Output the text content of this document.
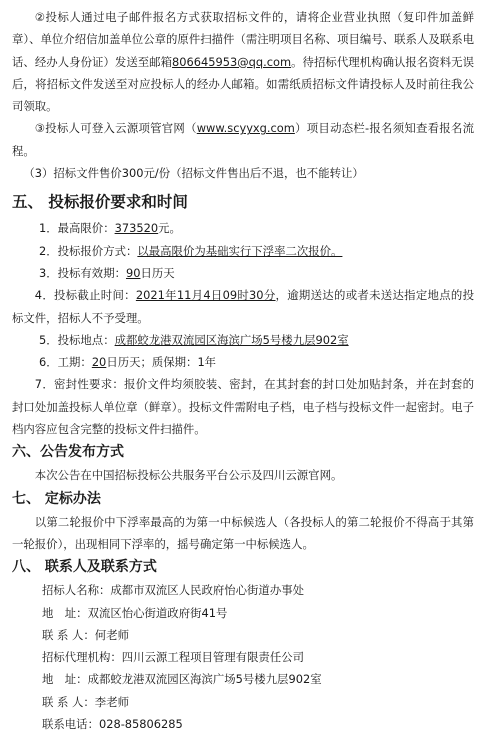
②投标人通过电子邮件报名方式获取招标文件的，请将企业营业执照（复印件加盖鲜章）、单位介绍信加盖单位公章的原件扫描件（需注明项目名称、项目编号、联系人及联系电话、经办人身份证）发送至邮箱806645953@qq.com。待招标代理机构确认报名资料无误后，将招标文件发送至对应投标人的经办人邮箱。如需纸质招标文件请投标人及时前往我公司领取。

③投标人可登入云源项管官网（www.scyyxg.com）项目动态栏-报名须知查看报名流程。

（3）招标文件售价300元/份（招标文件售出后不退，也不能转让）

五、 投标报价要求和时间

1．最高限价：373520元。

2．投标报价方式：以最高限价为基础实行下浮率二次报价。

3．投标有效期：90日历天

4．投标截止时间：2021年11月4日09时30分，逾期送达的或者未送达指定地点的投标文件，招标人不予受理。

5．投标地点：成都蛟龙港双流园区海滨广场5号楼九层902室

6．工期：20日历天；质保期：1年

7．密封性要求：报价文件均须胶装、密封，在其封套的封口处加贴封条，并在封套的封口处加盖投标人单位章（鲜章）。投标文件需附电子档，电子档与投标文件一起密封。电子档内容应包含完整的投标文件扫描件。

六、公告发布方式

本次公告在中国招标投标公共服务平台公示及四川云源官网。

七、 定标办法

以第二轮报价中下浮率最高的为第一中标候选人（各投标人的第二轮报价不得高于其第一轮报价），出现相同下浮率的，摇号确定第一中标候选人。

八、 联系人及联系方式

招标人名称：成都市双流区人民政府怡心街道办事处

地　址：双流区怡心街道政府街41号

联 系 人：何老师

招标代理机构：四川云源工程项目管理有限责任公司

地　址：成都蛟龙港双流园区海滨广场5号楼九层902室

联 系 人：李老师

联系电话：028-85806285
